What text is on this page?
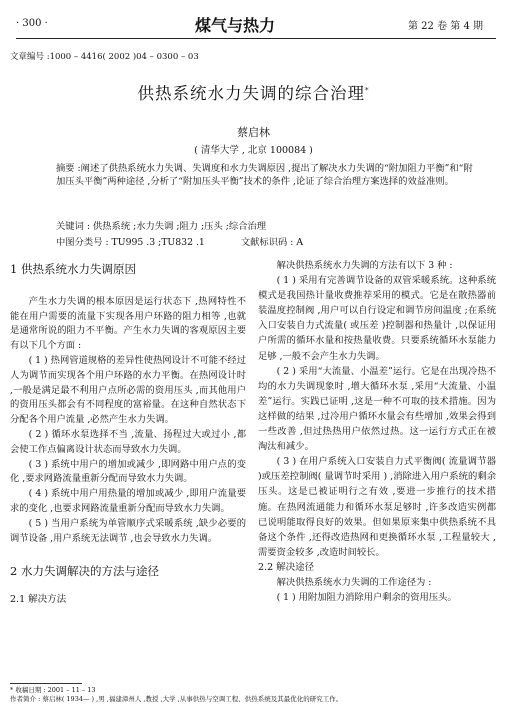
· 300 ·	煤气与热力	第 22 卷 第 4 期
文章编号 :1000 – 4416( 2002 )04 – 0300 – 03
供热系统水力失调的综合治理*
蔡启林
( 清华大学 , 北京 100084 )

摘要 :阐述了供热系统水力失调、失调度和水力失调原因 ,提出了解决水力失调的“附加阻力平衡”和“附加压头平衡”两种途径 ,分析了“附加压头平衡”技术的条件 ,论证了综合治理方案选择的效益准则。

关键词 : 供热系统 ;水力失调 ;阻力 ;压头 ;综合治理
中图分类号 : TU995 .3 ;TU832 .1	文献标识码 : A
1 供热系统水力失调原因

产生水力失调的根本原因是运行状态下 ,热网特性不能在用户需要的流量下实现各用户环路的阻力相等 ,也就是通常所说的阻力不平衡。产生水力失调的客观原因主要有以下几个方面 :

( 1 ) 热网管道规格的差异性使热网设计不可能不经过人为调节而实现各个用户环路的水力平衡。在热网设计时 ,一般是满足最不利用户点所必需的资用压头 ,而其他用户的资用压头都会有不同程度的富裕量。在这种自然状态下分配各个用户流量 ,必然产生水力失调。

( 2 ) 循环水泵选择不当 ,流量、扬程过大或过小 ,都会使工作点偏离设计状态而导致水力失调。

( 3 ) 系统中用户的增加或减少 ,即网路中用户点的变化 ,要求网路流量重新分配而导致水力失调。

( 4 ) 系统中用户用热量的增加或减少 ,即用户流量要求的变化 ,也要求网路流量重新分配而导致水力失调。

( 5 ) 当用户系统为单管顺序式采暖系统 ,缺少必要的调节设备 ,用户系统无法调节 ,也会导致水力失调。

2 水力失调解决的方法与途径
2.1 解决方法

解决供热系统水力失调的方法有以下 3 种 :

( 1 ) 采用有完善调节设备的双管采暖系统。这种系统模式是我国热计量收费推荐采用的模式。它是在散热器前装温度控制阀 ,用户可以自行设定和调节房间温度 ;在系统入口安装自力式流量( 或压差 )控制器和热量计 ,以保证用户所需的循环水量和按热量收费。只要系统循环水泵能力足够 ,一般不会产生水力失调。

( 2 ) 采用“大流量、小温差”运行。它是在出现冷热不均的水力失调现象时 ,增大循环水泵 ,采用“大流量、小温差”运行。实践已证明 ,这是一种不可取的技术措施。因为这样做的结果 ,过冷用户循环水量会有些增加 ,效果会得到一些改善 ,但过热热用户依然过热。这一运行方式正在被淘汰和减少。

( 3 ) 在用户系统入口安装自力式平衡阀( 流量调节器 )或压差控制阀( 量调节时采用 ) ,消除进入用户系统的剩余压头。这是已被证明行之有效 ,要进一步推行的技术措施。在热网流通能力和循环水泵足够时 ,许多改造实例都已说明能取得良好的效果。但如果原来集中供热系统不具备这个条件 ,还得改造热网和更换循环水泵 ,工程量较大 ,需要资金较多 ,改造时间较长。

2.2 解决途径

解决供热系统水力失调的工作途径为 :

( 1 ) 用附加阻力消除用户剩余的资用压头。

* 收稿日期 : 2001 – 11 – 13
作者简介 : 蔡启林( 1934— ) ,男 ,福建漳州人 ,教授 ,大学 ,从事供热与空调工程、供热系统及其最优化的研究工作。
